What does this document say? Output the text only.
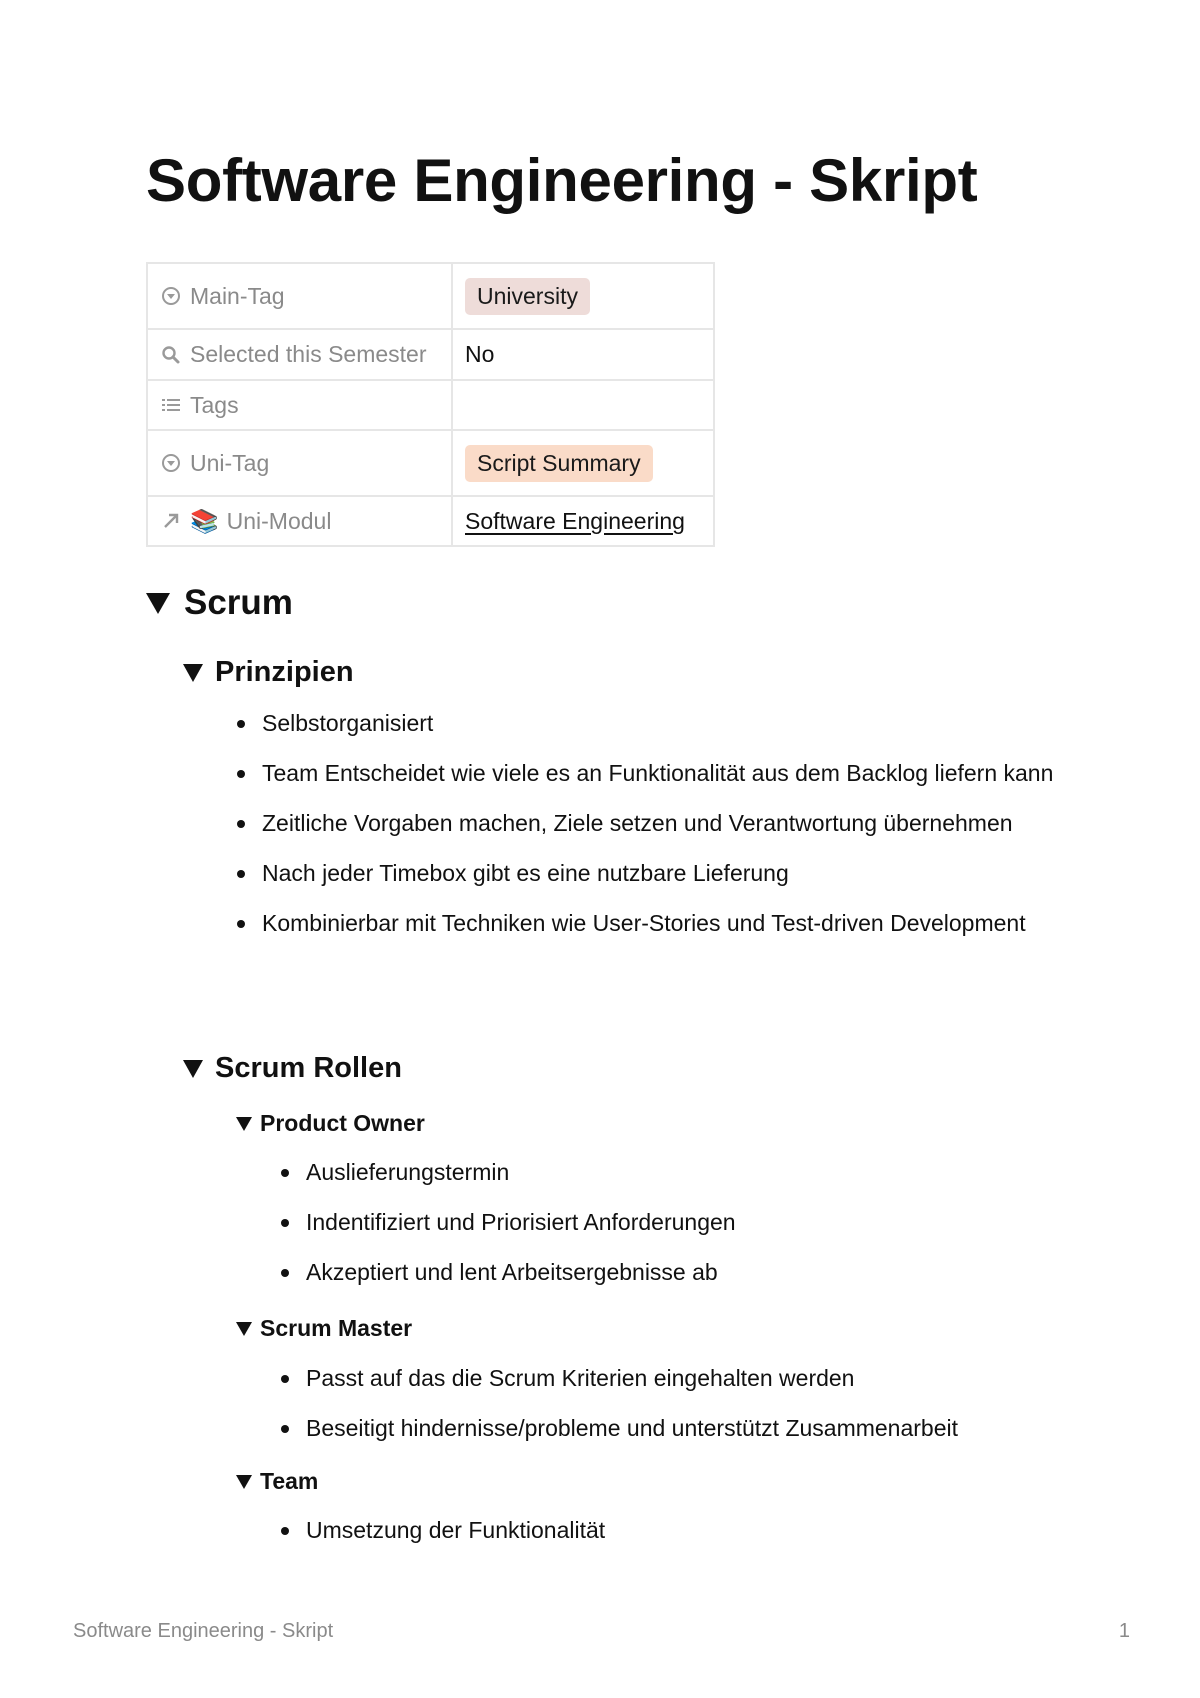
Software Engineering - Skript
Main-Tag	University

Selected this Semester	No

Tags	

Uni-Tag	Script Summary

📚 Uni-Modul	Software Engineering
Scrum
Prinzipien
Selbstorganisiert
Team Entscheidet wie viele es an Funktionalität aus dem Backlog liefern kann
Zeitliche Vorgaben machen, Ziele setzen und Verantwortung übernehmen
Nach jeder Timebox gibt es eine nutzbare Lieferung
Kombinierbar mit Techniken wie User-Stories und Test-driven Development
Scrum Rollen
Product Owner
Auslieferungstermin
Indentifiziert und Priorisiert Anforderungen
Akzeptiert und lent Arbeitsergebnisse ab
Scrum Master
Passt auf das die Scrum Kriterien eingehalten werden
Beseitigt hindernisse/probleme und unterstützt Zusammenarbeit
Team
Umsetzung der Funktionalität
Software Engineering - Skript	1
